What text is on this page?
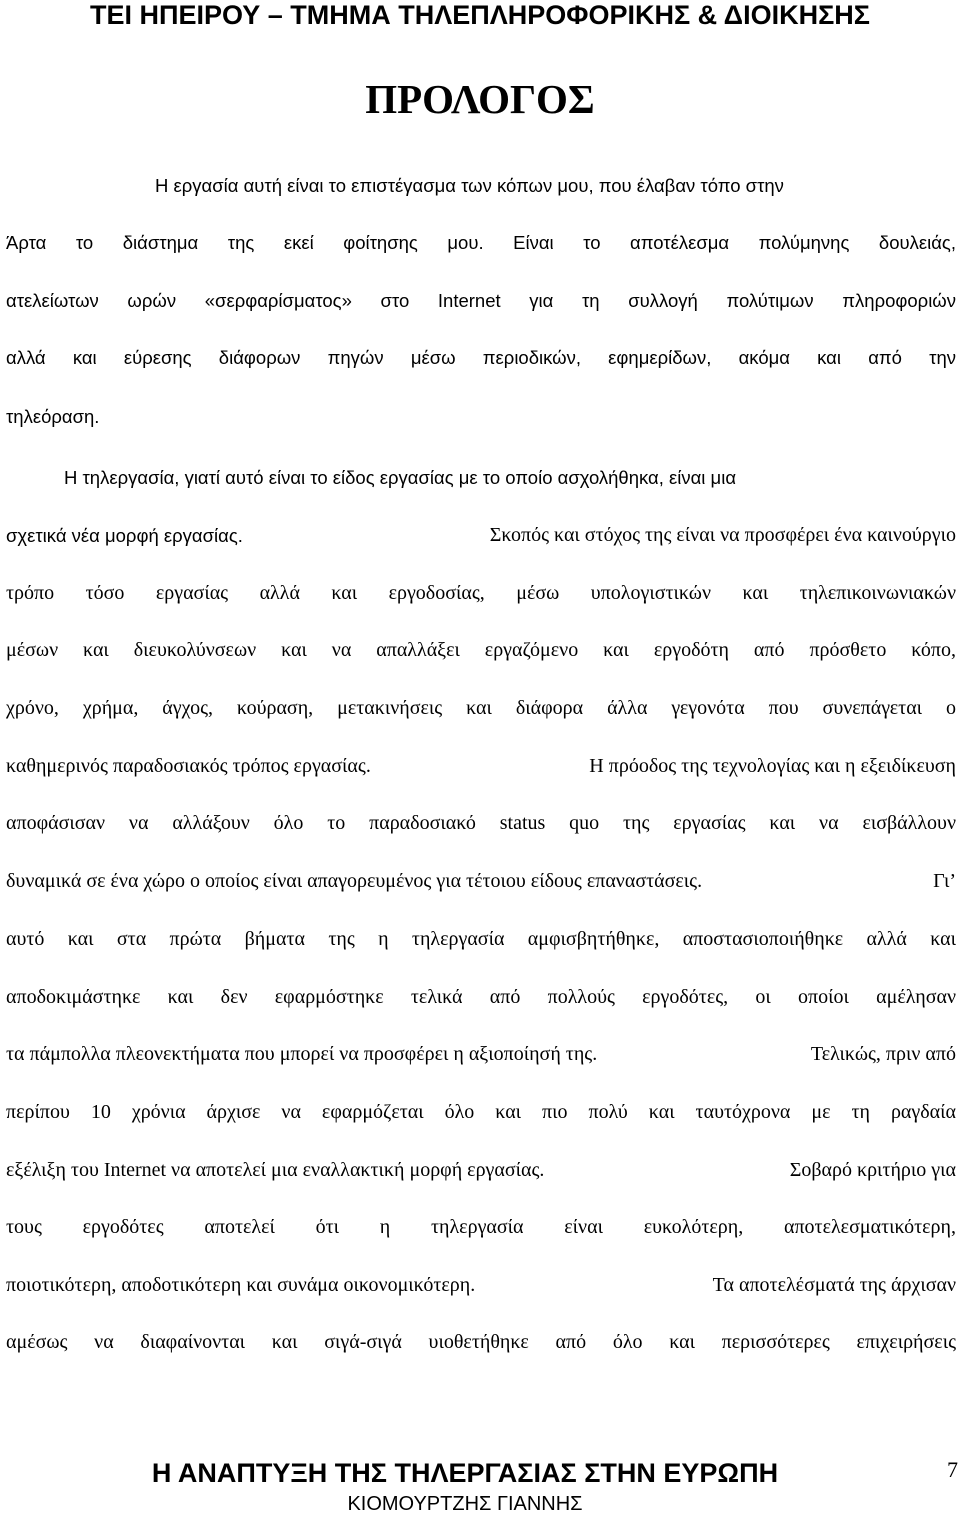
ΤΕΙ ΗΠΕΙΡΟΥ – ΤΜΗΜΑ ΤΗΛΕΠΛΗΡΟΦΟΡΙΚΗΣ & ΔΙΟΙΚΗΣΗΣ
ΠΡΟΛΟΓΟΣ
Η εργασία αυτή είναι το επιστέγασμα των κόπων μου, που έλαβαν τόπο στην
Άρτα το διάστημα της εκεί φοίτησης μου. Είναι το αποτέλεσμα πολύμηνης δουλειάς,
ατελείωτων ωρών «σερφαρίσματος» στο Internet για τη συλλογή πολύτιμων πληροφοριών
αλλά και εύρεσης διάφορων πηγών μέσω περιοδικών, εφημερίδων, ακόμα και από την
τηλεόραση.
Η τηλεργασία, γιατί αυτό είναι το είδος εργασίας με το οποίο ασχολήθηκα, είναι μια
σχετικά νέα μορφή εργασίας.	Σκοπός και στόχος της είναι να προσφέρει ένα καινούργιο
τρόπο τόσο εργασίας αλλά και εργοδοσίας, μέσω υπολογιστικών και τηλεπικοινωνιακών
μέσων και διευκολύνσεων και να απαλλάξει εργαζόμενο και εργοδότη από πρόσθετο κόπο,
χρόνο, χρήμα, άγχος, κούραση, μετακινήσεις και διάφορα άλλα γεγονότα που συνεπάγεται ο
καθημερινός παραδοσιακός τρόπος εργασίας.	Η πρόοδος της τεχνολογίας και η εξειδίκευση
αποφάσισαν να αλλάξουν όλο το παραδοσιακό status quo της εργασίας και να εισβάλλουν
δυναμικά σε ένα χώρο ο οποίος είναι απαγορευμένος για τέτοιου είδους επαναστάσεις.	Γι’
αυτό και στα πρώτα βήματα της η τηλεργασία αμφισβητήθηκε, αποστασιοποιήθηκε αλλά και
αποδοκιμάστηκε και δεν εφαρμόστηκε τελικά από πολλούς εργοδότες, οι οποίοι αμέλησαν
τα πάμπολλα πλεονεκτήματα που μπορεί να προσφέρει η αξιοποίησή της.	Τελικώς, πριν από
περίπου 10 χρόνια άρχισε να εφαρμόζεται όλο και πιο πολύ και ταυτόχρονα με τη ραγδαία
εξέλιξη του Internet να αποτελεί μια εναλλακτική μορφή εργασίας.	Σοβαρό κριτήριο για
τους εργοδότες αποτελεί ότι η τηλεργασία είναι ευκολότερη, αποτελεσματικότερη,
ποιοτικότερη, αποδοτικότερη και συνάμα οικονομικότερη.	Τα αποτελέσματά της άρχισαν
αμέσως να διαφαίνονται και σιγά-σιγά υιοθετήθηκε από όλο και περισσότερες επιχειρήσεις
Η ΑΝΑΠΤΥΞΗ ΤΗΣ ΤΗΛΕΡΓΑΣΙΑΣ ΣΤΗΝ ΕΥΡΩΠΗ	7
ΚΙΟΜΟΥΡΤΖΗΣ ΓΙΑΝΝΗΣ
